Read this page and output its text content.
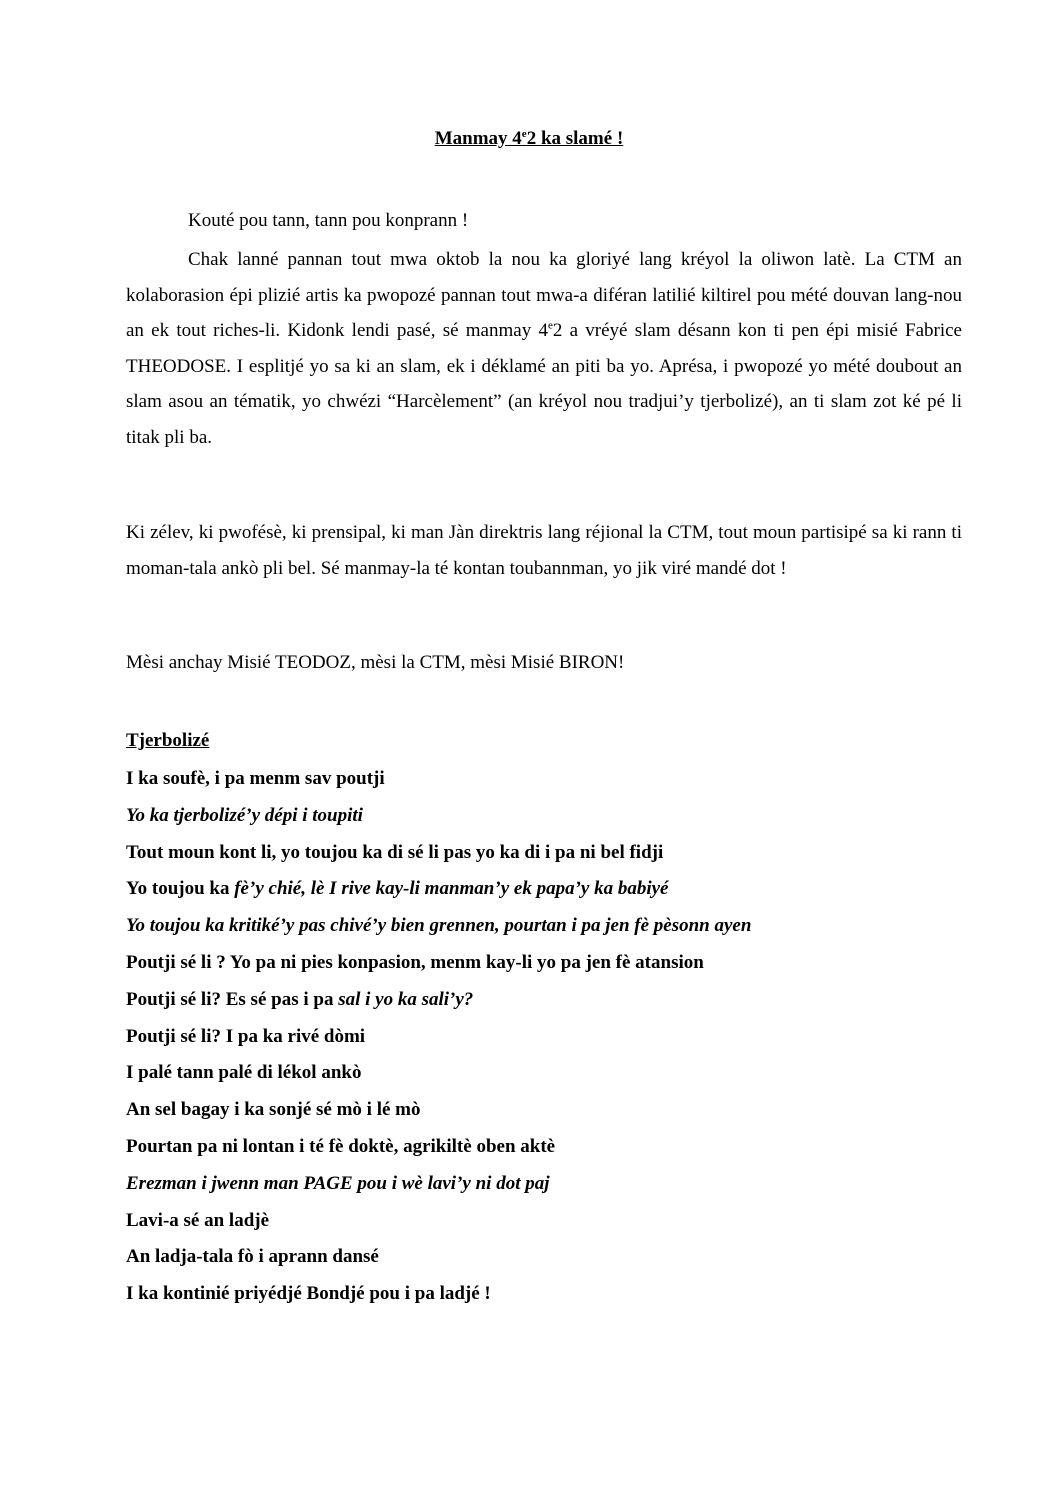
Manmay 4e2 ka slamé !
Kouté pou tann, tann pou konprann !
Chak lanné pannan tout mwa oktob la nou ka gloriyé lang kréyol la oliwon latè. La CTM an kolaborasion épi plizié artis ka pwopozé pannan tout mwa-a diféran latilié kiltirel pou mété douvan lang-nou an ek tout riches-li. Kidonk lendi pasé, sé manmay 4e2 a vréyé slam désann kon ti pen épi misié Fabrice THEODOSE. I esplitjé yo sa ki an slam, ek i déklamé an piti ba yo. Aprésa, i pwopozé yo mété doubout an slam asou an tématik, yo chwézi “Harcèlement” (an kréyol nou tradjui’y tjerbolizé), an ti slam zot ké pé li titak pli ba.
Ki zélev, ki pwofésè, ki prensipal, ki man Jàn direktris lang réjional la CTM, tout moun partisipé sa ki rann ti moman-tala ankò pli bel. Sé manmay-la té kontan toubannman, yo jik viré mandé dot !
Mèsi anchay Misié TEODOZ, mèsi la CTM, mèsi Misié BIRON!
Tjerbolizé
I ka soufè, i pa menm sav poutji
Yo ka tjerbolizé’y dépi i toupiti
Tout moun kont li, yo toujou ka di sé li pas yo ka di i pa ni bel fidji
Yo toujou ka fè’y chié, lè I rive kay-li manman’y ek papa’y ka babiyé
Yo toujou ka kritiké’y pas chivé’y bien grennen, pourtan i pa jen fè pèsonn ayen
Poutji sé li ? Yo pa ni pies konpasion, menm kay-li yo pa jen fè atansion
Poutji sé li? Es sé pas i pa sal i yo ka sali’y?
Poutji sé li? I pa ka rivé dòmi
I palé tann palé di lékol ankò
An sel bagay i ka sonjé sé mò i lé mò
Pourtan pa ni lontan i té fè doktè, agrikiltè oben aktè
Erezman i jwenn man PAGE pou i wè lavi’y ni dot paj
Lavi-a sé an ladjè
An ladja-tala fò i aprann dansé
I ka kontinié priyédjé Bondjé pou i pa ladjé !
